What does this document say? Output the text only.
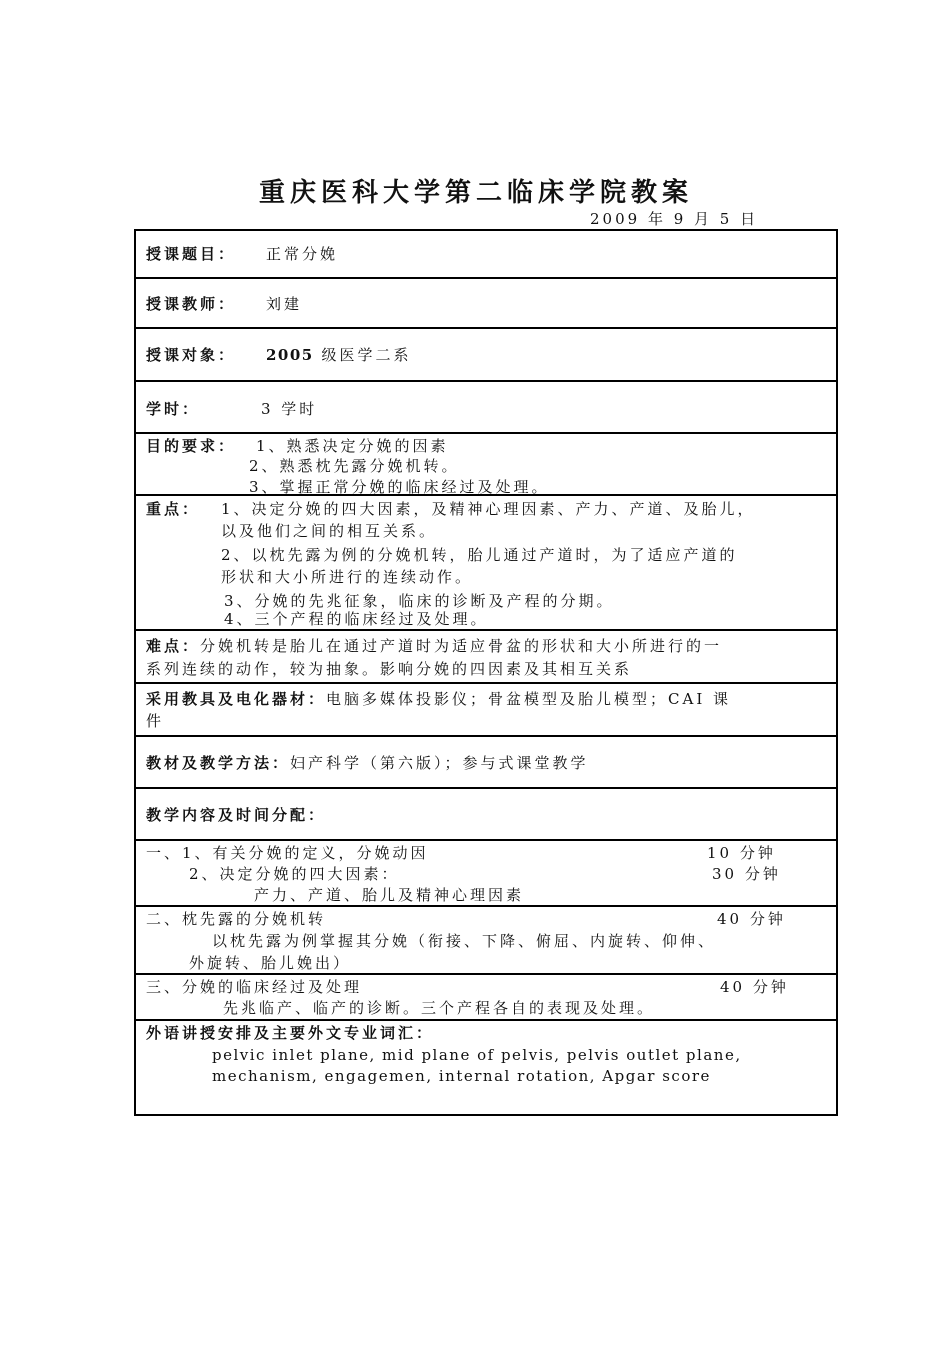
重庆医科大学第二临床学院教案
2009 年 9 月 5 日
授课题目： 正常分娩
授课教师： 刘建
授课对象： 2005 级医学二系
学时：	3 学时
目的要求： 1、熟悉决定分娩的因素
2、熟悉枕先露分娩机转。
3、掌握正常分娩的临床经过及处理。
重点： 1、决定分娩的四大因素，及精神心理因素、产力、产道、及胎儿，
以及他们之间的相互关系。
2、以枕先露为例的分娩机转，胎儿通过产道时，为了适应产道的
形状和大小所进行的连续动作。
3、分娩的先兆征象，临床的诊断及产程的分期。
4、三个产程的临床经过及处理。
难点：分娩机转是胎儿在通过产道时为适应骨盆的形状和大小所进行的一
系列连续的动作，较为抽象。影响分娩的四因素及其相互关系
采用教具及电化器材：电脑多媒体投影仪；骨盆模型及胎儿模型；CAI 课
件
教材及教学方法：妇产科学（第六版）；参与式课堂教学
教学内容及时间分配：
一、1、有关分娩的定义，分娩动因
2、决定分娩的四大因素：
产力、产道、胎儿及精神心理因素
10 分钟
30 分钟
二、枕先露的分娩机转
以枕先露为例掌握其分娩（衔接、下降、俯屈、内旋转、仰伸、
外旋转、胎儿娩出）
40 分钟
三、分娩的临床经过及处理
先兆临产、临产的诊断。三个产程各自的表现及处理。
40 分钟
外语讲授安排及主要外文专业词汇：
pelvic inlet plane, mid plane of pelvis, pelvis outlet plane,
mechanism, engagemen, internal rotation, Apgar score
